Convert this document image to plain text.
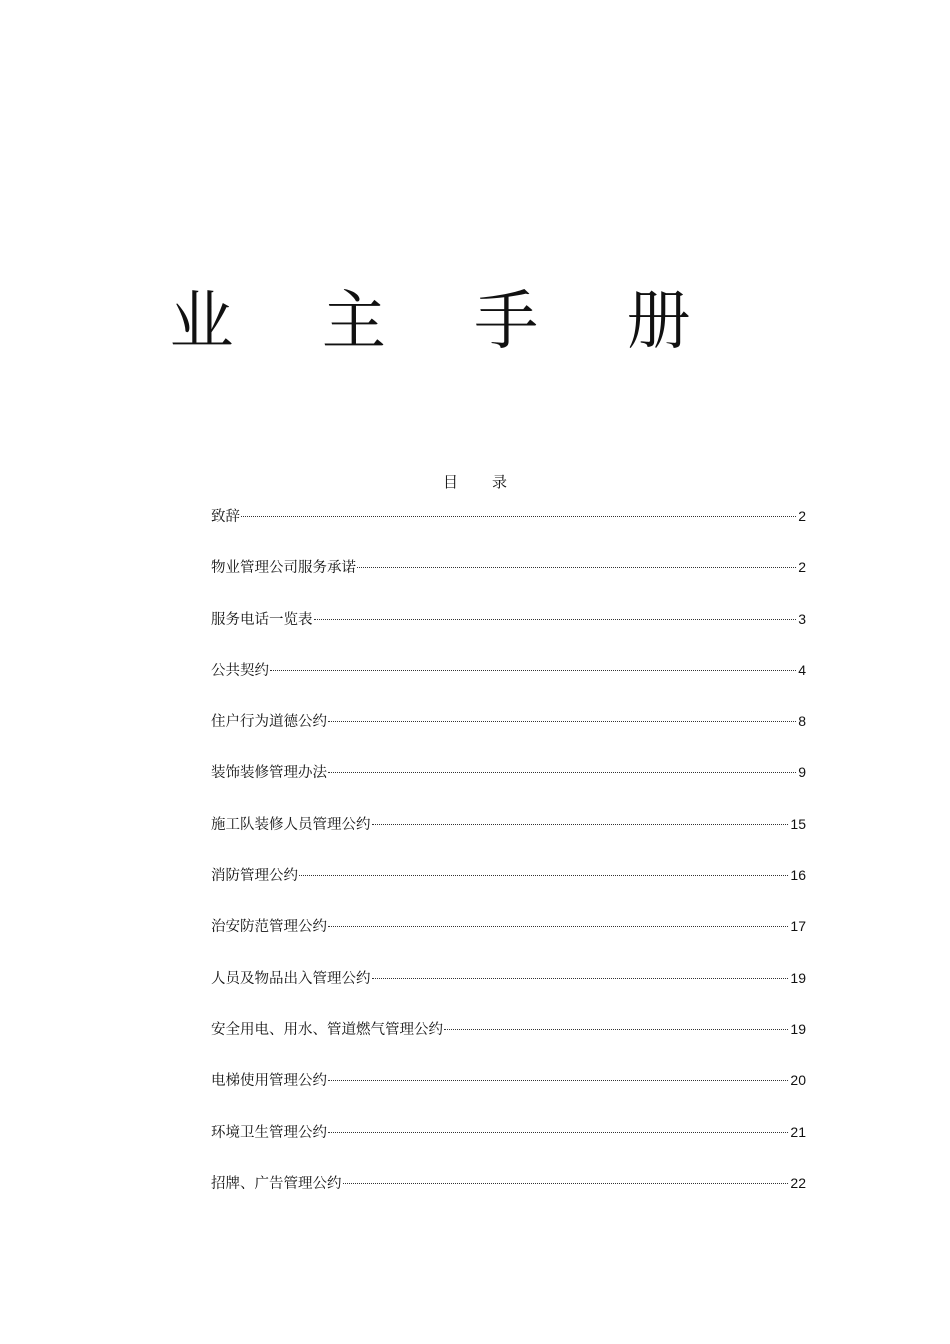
业 主 手 册
目 录
致辞	2
物业管理公司服务承诺	2
服务电话一览表	3
公共契约	4
住户行为道德公约	8
装饰装修管理办法	9
施工队装修人员管理公约	15
消防管理公约	16
治安防范管理公约	17
人员及物品出入管理公约	19
安全用电、用水、管道燃气管理公约	19
电梯使用管理公约	20
环境卫生管理公约	21
招牌、广告管理公约	22
